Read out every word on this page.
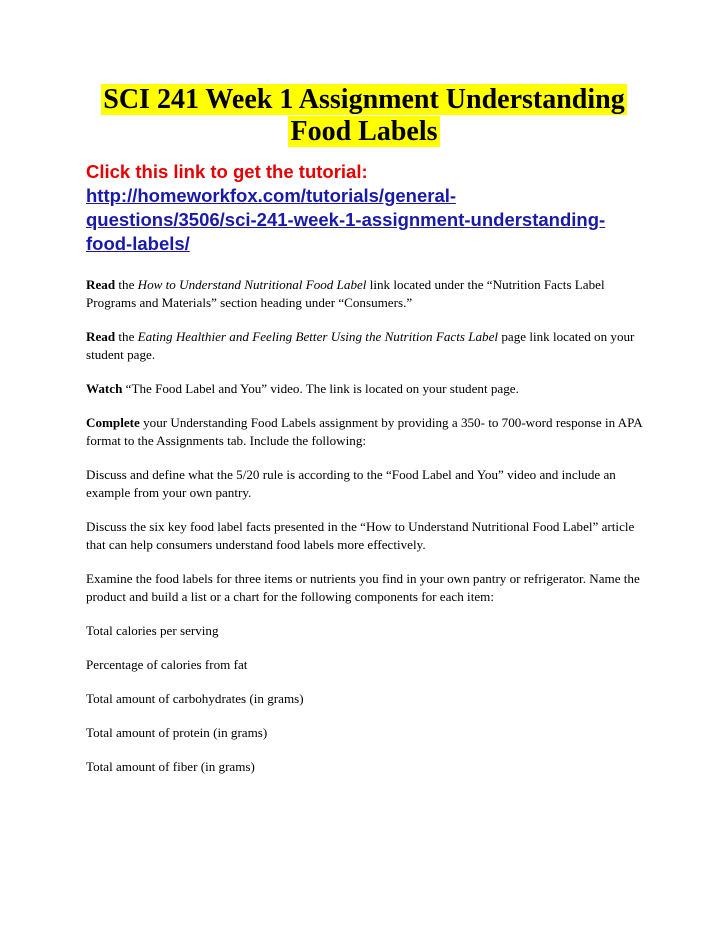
SCI 241 Week 1 Assignment Understanding
Food Labels
Click this link to get the tutorial:
http://homeworkfox.com/tutorials/general-
questions/3506/sci-241-week-1-assignment-understanding-
food-labels/

Read the How to Understand Nutritional Food Label link located under the “Nutrition Facts Label Programs and Materials” section heading under “Consumers.”

Read the Eating Healthier and Feeling Better Using the Nutrition Facts Label page link located on your student page.

Watch “The Food Label and You” video. The link is located on your student page.

Complete your Understanding Food Labels assignment by providing a 350- to 700-word response in APA format to the Assignments tab. Include the following:

Discuss and define what the 5/20 rule is according to the “Food Label and You” video and include an example from your own pantry.

Discuss the six key food label facts presented in the “How to Understand Nutritional Food Label” article that can help consumers understand food labels more effectively.

Examine the food labels for three items or nutrients you find in your own pantry or refrigerator. Name the product and build a list or a chart for the following components for each item:

Total calories per serving

Percentage of calories from fat

Total amount of carbohydrates (in grams)

Total amount of protein (in grams)

Total amount of fiber (in grams)
